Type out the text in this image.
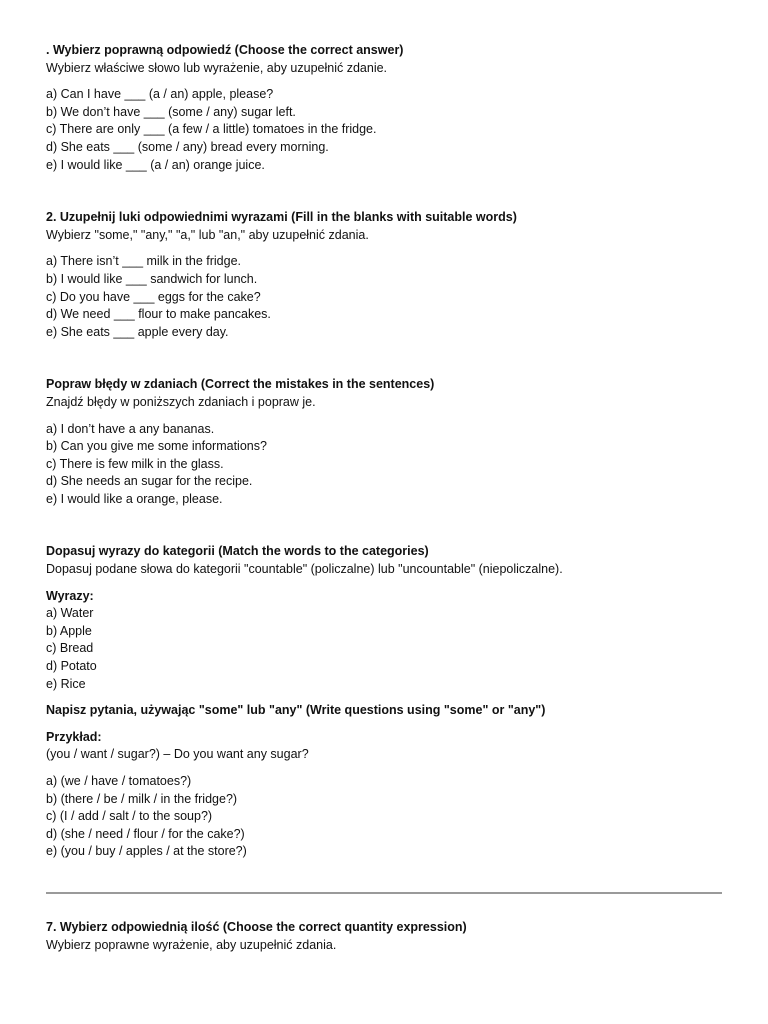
. Wybierz poprawną odpowiedź (Choose the correct answer)

Wybierz właściwe słowo lub wyrażenie, aby uzupełnić zdanie.

a) Can I have ___ (a / an) apple, please?
b) We don’t have ___ (some / any) sugar left.
c) There are only ___ (a few / a little) tomatoes in the fridge.
d) She eats ___ (some / any) bread every morning.
e) I would like ___ (a / an) orange juice.

2. Uzupełnij luki odpowiednimi wyrazami (Fill in the blanks with suitable words)

Wybierz "some," "any," "a," lub "an," aby uzupełnić zdania.

a) There isn’t ___ milk in the fridge.
b) I would like ___ sandwich for lunch.
c) Do you have ___ eggs for the cake?
d) We need ___ flour to make pancakes.
e) She eats ___ apple every day.

Popraw błędy w zdaniach (Correct the mistakes in the sentences)

Znajdź błędy w poniższych zdaniach i popraw je.

a) I don’t have a any bananas.
b) Can you give me some informations?
c) There is few milk in the glass.
d) She needs an sugar for the recipe.
e) I would like a orange, please.

Dopasuj wyrazy do kategorii (Match the words to the categories)

Dopasuj podane słowa do kategorii "countable" (policzalne) lub "uncountable" (niepoliczalne).

Wyrazy:

a) Water
b) Apple
c) Bread
d) Potato
e) Rice

Napisz pytania, używając "some" lub "any" (Write questions using "some" or "any")

Przykład:

(you / want / sugar?) – Do you want any sugar?

a) (we / have / tomatoes?)
b) (there / be / milk / in the fridge?)
c) (I / add / salt / to the soup?)
d) (she / need / flour / for the cake?)
e) (you / buy / apples / at the store?)

7. Wybierz odpowiednią ilość (Choose the correct quantity expression)

Wybierz poprawne wyrażenie, aby uzupełnić zdania.
